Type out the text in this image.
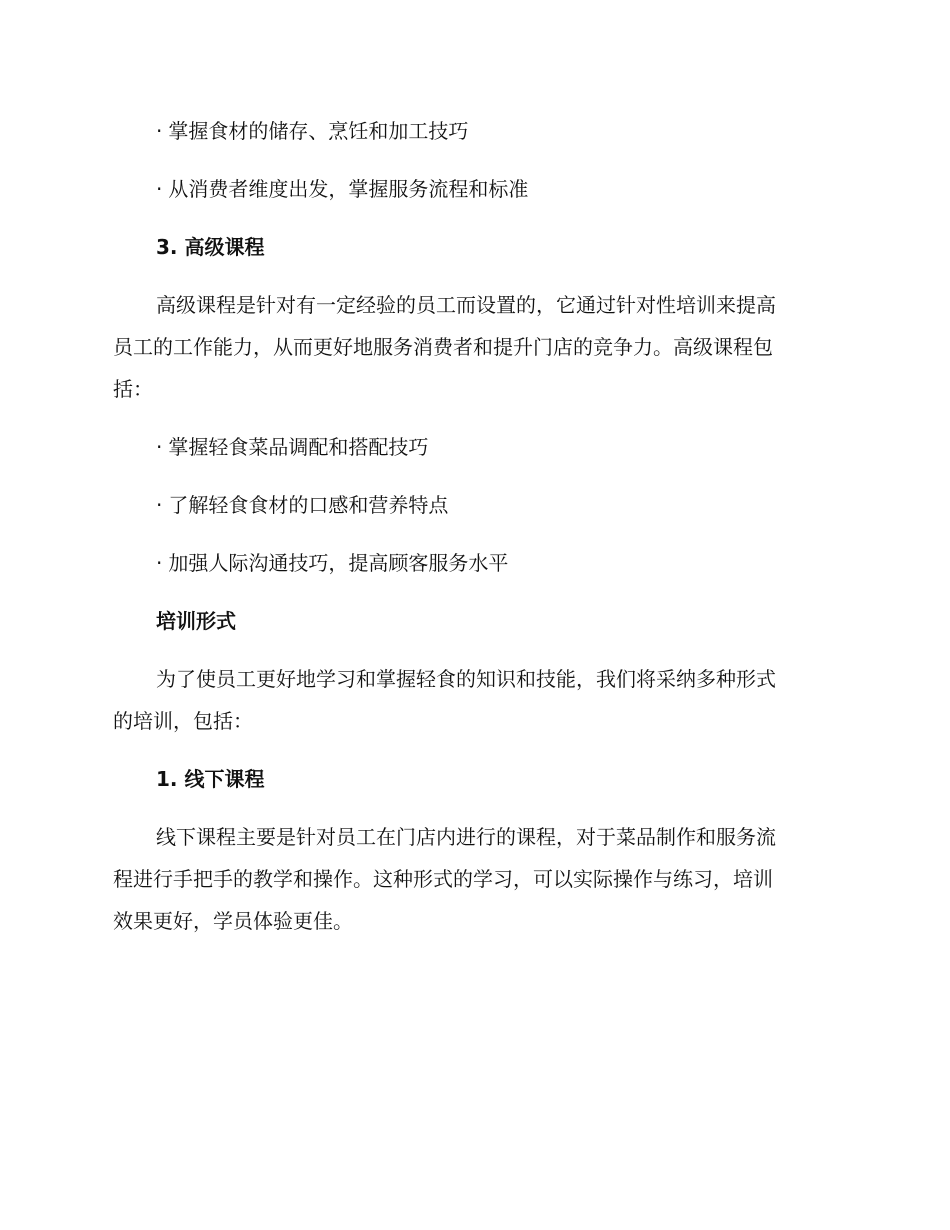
· 掌握食材的储存、烹饪和加工技巧
· 从消费者维度出发，掌握服务流程和标准
3. 高级课程

高级课程是针对有一定经验的员工而设置的，它通过针对性培训来提高
员工的工作能力，从而更好地服务消费者和提升门店的竞争力。高级课程包
括：

· 掌握轻食菜品调配和搭配技巧
· 了解轻食食材的口感和营养特点
· 加强人际沟通技巧，提高顾客服务水平
培训形式

为了使员工更好地学习和掌握轻食的知识和技能，我们将采纳多种形式
的培训，包括：

1. 线下课程

线下课程主要是针对员工在门店内进行的课程，对于菜品制作和服务流
程进行手把手的教学和操作。这种形式的学习，可以实际操作与练习，培训
效果更好，学员体验更佳。
